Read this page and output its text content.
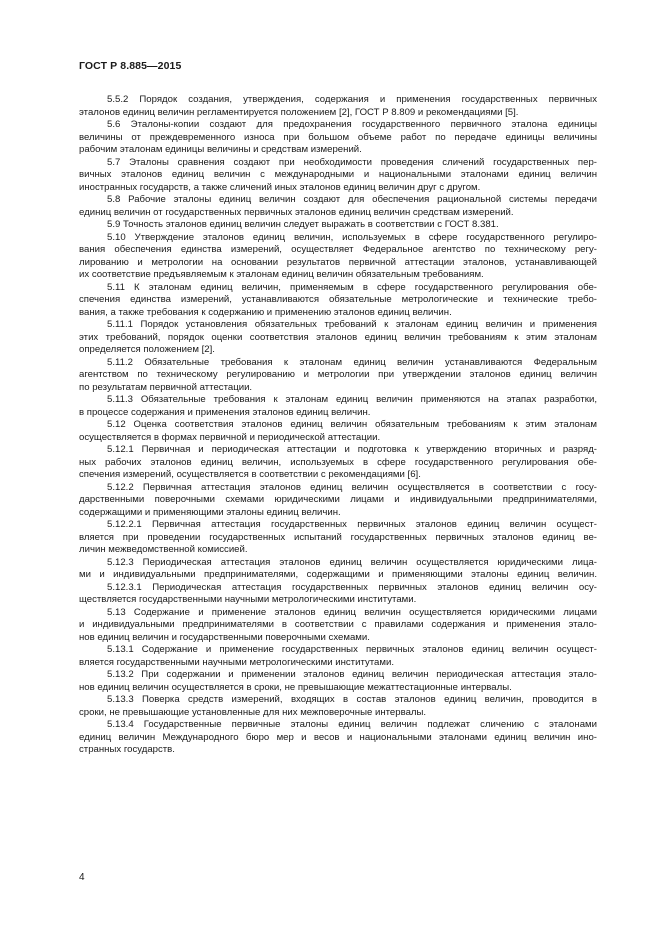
ГОСТ Р 8.885—2015
5.5.2 Порядок создания, утверждения, содержания и применения государственных первичных
эталонов единиц величин регламентируется положением [2], ГОСТ Р 8.809 и рекомендациями [5].
5.6 Эталоны-копии создают для предохранения государственного первичного эталона единицы
величины от преждевременного износа при большом объеме работ по передаче единицы величины
рабочим эталонам единицы величины и средствам измерений.
5.7 Эталоны сравнения создают при необходимости проведения сличений государственных пер-
вичных эталонов единиц величин с международными и национальными эталонами единиц величин
иностранных государств, а также сличений иных эталонов единиц величин друг с другом.
5.8 Рабочие эталоны единиц величин создают для обеспечения рациональной системы передачи
единиц величин от государственных первичных эталонов единиц величин средствам измерений.
5.9 Точность эталонов единиц величин следует выражать в соответствии с ГОСТ 8.381.
5.10 Утверждение эталонов единиц величин, используемых в сфере государственного регулиро-
вания обеспечения единства измерений, осуществляет Федеральное агентство по техническому регу-
лированию и метрологии на основании результатов первичной аттестации эталонов, устанавливающей
их соответствие предъявляемым к эталонам единиц величин обязательным требованиям.
5.11 К эталонам единиц величин, применяемым в сфере государственного регулирования обе-
спечения единства измерений, устанавливаются обязательные метрологические и технические требо-
вания, а также требования к содержанию и применению эталонов единиц величин.
5.11.1 Порядок установления обязательных требований к эталонам единиц величин и применения
этих требований, порядок оценки соответствия эталонов единиц величин требованиям к этим эталонам
определяется положением [2].
5.11.2 Обязательные требования к эталонам единиц величин устанавливаются Федеральным
агентством по техническому регулированию и метрологии при утверждении эталонов единиц величин
по результатам первичной аттестации.
5.11.3 Обязательные требования к эталонам единиц величин применяются на этапах разработки,
в процессе содержания и применения эталонов единиц величин.
5.12 Оценка соответствия эталонов единиц величин обязательным требованиям к этим эталонам
осуществляется в формах первичной и периодической аттестации.
5.12.1 Первичная и периодическая аттестации и подготовка к утверждению вторичных и разряд-
ных рабочих эталонов единиц величин, используемых в сфере государственного регулирования обе-
спечения измерений, осуществляется в соответствии с рекомендациями [6].
5.12.2 Первичная аттестация эталонов единиц величин осуществляется в соответствии с госу-
дарственными поверочными схемами юридическими лицами и индивидуальными предпринимателями,
содержащими и применяющими эталоны единиц величин.
5.12.2.1 Первичная аттестация государственных первичных эталонов единиц величин осущест-
вляется при проведении государственных испытаний государственных первичных эталонов единиц ве-
личин межведомственной комиссией.
5.12.3 Периодическая аттестация эталонов единиц величин осуществляется юридическими лица-
ми и индивидуальными предпринимателями, содержащими и применяющими эталоны единиц величин.
5.12.3.1 Периодическая аттестация государственных первичных эталонов единиц величин осу-
ществляется государственными научными метрологическими институтами.
5.13 Содержание и применение эталонов единиц величин осуществляется юридическими лицами
и индивидуальными предпринимателями в соответствии с правилами содержания и применения этало-
нов единиц величин и государственными поверочными схемами.
5.13.1 Содержание и применение государственных первичных эталонов единиц величин осущест-
вляется государственными научными метрологическими институтами.
5.13.2 При содержании и применении эталонов единиц величин периодическая аттестация этало-
нов единиц величин осуществляется в сроки, не превышающие межаттестационные интервалы.
5.13.3 Поверка средств измерений, входящих в состав эталонов единиц величин, проводится в
сроки, не превышающие установленные для них межповерочные интервалы.
5.13.4 Государственные первичные эталоны единиц величин подлежат сличению с эталонами
единиц величин Международного бюро мер и весов и национальными эталонами единиц величин ино-
странных государств.
4
